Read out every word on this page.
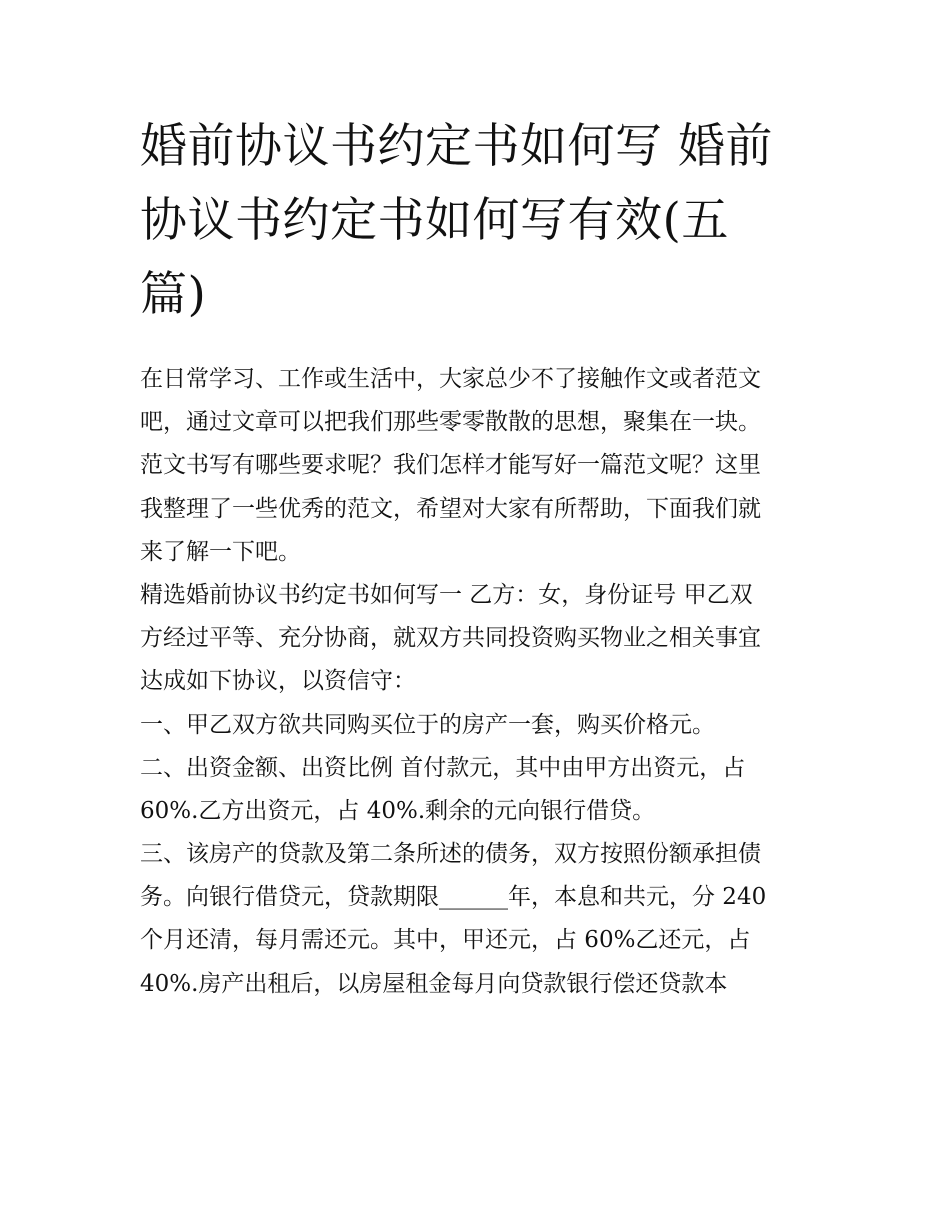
婚前协议书约定书如何写 婚前
协议书约定书如何写有效(五
篇)
在日常学习、工作或生活中，大家总少不了接触作文或者范文
吧，通过文章可以把我们那些零零散散的思想，聚集在一块。
范文书写有哪些要求呢？我们怎样才能写好一篇范文呢？这里
我整理了一些优秀的范文，希望对大家有所帮助，下面我们就
来了解一下吧。
精选婚前协议书约定书如何写一 乙方：女，身份证号 甲乙双
方经过平等、充分协商，就双方共同投资购买物业之相关事宜
达成如下协议，以资信守：
一、甲乙双方欲共同购买位于的房产一套，购买价格元。
二、出资金额、出资比例 首付款元，其中由甲方出资元，占
60%.乙方出资元，占 40%.剩余的元向银行借贷。
三、该房产的贷款及第二条所述的债务，双方按照份额承担债
务。向银行借贷元，贷款期限______年，本息和共元，分 240
个月还清，每月需还元。其中，甲还元，占 60%乙还元，占
40%.房产出租后，以房屋租金每月向贷款银行偿还贷款本
